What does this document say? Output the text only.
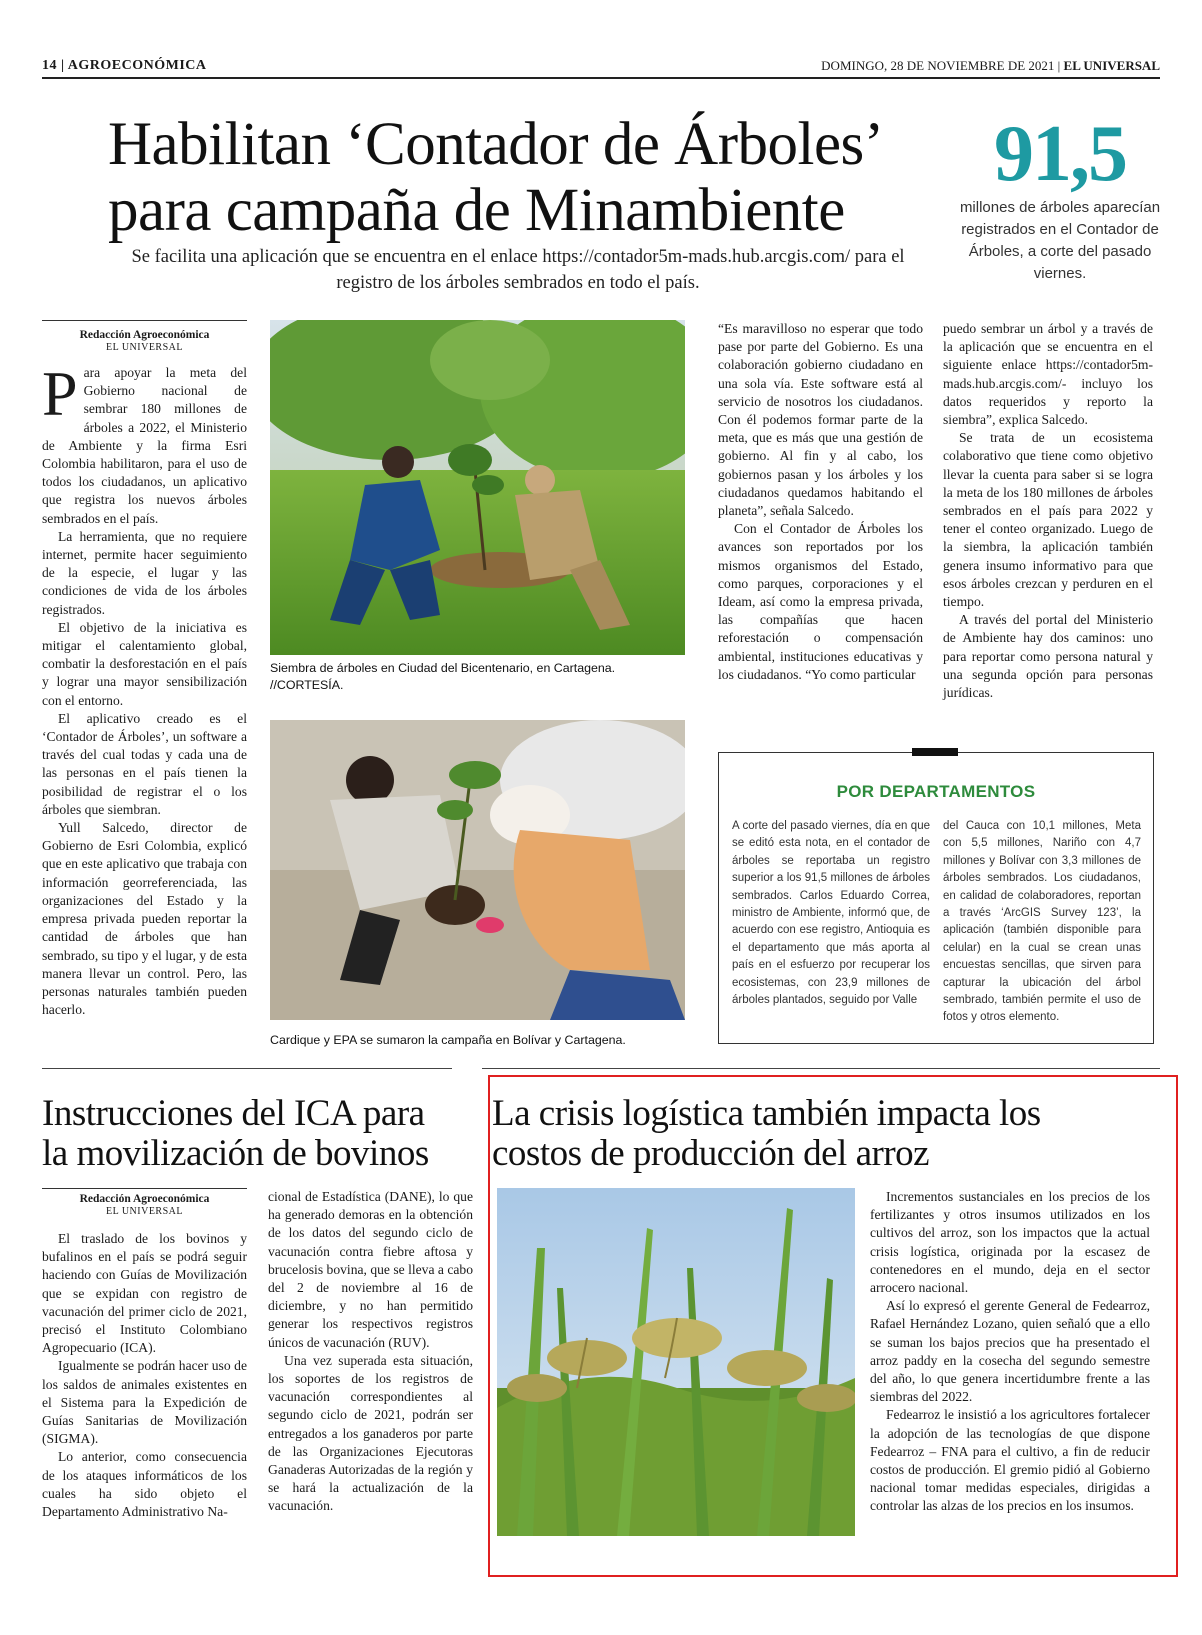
14 | AGROECONÓMICA	DOMINGO, 28 DE NOVIEMBRE DE 2021 | EL UNIVERSAL
Habilitan ‘Contador de Árboles’ para campaña de Minambiente
Se facilita una aplicación que se encuentra en el enlace https://contador5m-mads.hub.arcgis.com/ para el registro de los árboles sembrados en todo el país.
91,5
millones de árboles aparecían registrados en el Contador de Árboles, a corte del pasado viernes.
Redacción Agroeconómica
EL UNIVERSAL

Para apoyar la meta del Gobierno nacional de sembrar 180 millones de árboles a 2022, el Ministerio de Ambiente y la firma Esri Colombia habilitaron, para el uso de todos los ciudadanos, un aplicativo que registra los nuevos árboles sembrados en el país.

La herramienta, que no requiere internet, permite hacer seguimiento de la especie, el lugar y las condiciones de vida de los árboles registrados.

El objetivo de la iniciativa es mitigar el calentamiento global, combatir la desforestación en el país y lograr una mayor sensibilización con el entorno.

El aplicativo creado es el ‘Contador de Árboles’, un software a través del cual todas y cada una de las personas en el país tienen la posibilidad de registrar el o los árboles que siembran.

Yull Salcedo, director de Gobierno de Esri Colombia, explicó que en este aplicativo que trabaja con información georreferenciada, las organizaciones del Estado y la empresa privada pueden reportar la cantidad de árboles que han sembrado, su tipo y el lugar, y de esta manera llevar un control. Pero, las personas naturales también pueden hacerlo.

Siembra de árboles en Ciudad del Bicentenario, en Cartagena. //CORTESÍA.
Cardique y EPA se sumaron la campaña en Bolívar y Cartagena.

“Es maravilloso no esperar que todo pase por parte del Gobierno. Es una colaboración gobierno ciudadano en una sola vía. Este software está al servicio de nosotros los ciudadanos. Con él podemos formar parte de la meta, que es más que una gestión de gobierno. Al fin y al cabo, los gobiernos pasan y los árboles y los ciudadanos quedamos habitando el planeta”, señala Salcedo.

Con el Contador de Árboles los avances son reportados por los mismos organismos del Estado, como parques, corporaciones y el Ideam, así como la empresa privada, las compañías que hacen reforestación o compensación ambiental, instituciones educativas y los ciudadanos. “Yo como particular

puedo sembrar un árbol y a través de la aplicación que se encuentra en el siguiente enlace https://contador5m-mads.hub.arcgis.com/- incluyo los datos requeridos y reporto la siembra”, explica Salcedo.

Se trata de un ecosistema colaborativo que tiene como objetivo llevar la cuenta para saber si se logra la meta de los 180 millones de árboles sembrados en el país para 2022 y tener el conteo organizado. Luego de la siembra, la aplicación también genera insumo informativo para que esos árboles crezcan y perduren en el tiempo.

A través del portal del Ministerio de Ambiente hay dos caminos: uno para reportar como persona natural y una segunda opción para personas jurídicas.

POR DEPARTAMENTOS
A corte del pasado viernes, día en que se editó esta nota, en el contador de árboles se reportaba un registro superior a los 91,5 millones de árboles sembrados. Carlos Eduardo Correa, ministro de Ambiente, informó que, de acuerdo con ese registro, Antioquia es el departamento que más aporta al país en el esfuerzo por recuperar los ecosistemas, con 23,9 millones de árboles plantados, seguido por Valle
del Cauca con 10,1 millones, Meta con 5,5 millones, Nariño con 4,7 millones y Bolívar con 3,3 millones de árboles sembrados. Los ciudadanos, en calidad de colaboradores, reportan a través ‘ArcGIS Survey 123’, la aplicación (también disponible para celular) en la cual se crean unas encuestas sencillas, que sirven para capturar la ubicación del árbol sembrado, también permite el uso de fotos y otros elemento.
Instrucciones del ICA para la movilización de bovinos
Redacción Agroeconómica
EL UNIVERSAL

El traslado de los bovinos y bufalinos en el país se podrá seguir haciendo con Guías de Movilización que se expidan con registro de vacunación del primer ciclo de 2021, precisó el Instituto Colombiano Agropecuario (ICA).

Igualmente se podrán hacer uso de los saldos de animales existentes en el Sistema para la Expedición de Guías Sanitarias de Movilización (SIGMA).

Lo anterior, como consecuencia de los ataques informáticos de los cuales ha sido objeto el Departamento Administrativo Na-

cional de Estadística (DANE), lo que ha generado demoras en la obtención de los datos del segundo ciclo de vacunación contra fiebre aftosa y brucelosis bovina, que se lleva a cabo del 2 de noviembre al 16 de diciembre, y no han permitido generar los respectivos registros únicos de vacunación (RUV).

Una vez superada esta situación, los soportes de los registros de vacunación correspondientes al segundo ciclo de 2021, podrán ser entregados a los ganaderos por parte de las Organizaciones Ejecutoras Ganaderas Autorizadas de la región y se hará la actualización de la vacunación.

La crisis logística también impacta los costos de producción del arroz

Incrementos sustanciales en los precios de los fertilizantes y otros insumos utilizados en los cultivos del arroz, son los impactos que la actual crisis logística, originada por la escasez de contenedores en el mundo, deja en el sector arrocero nacional.

Así lo expresó el gerente General de Fedearroz, Rafael Hernández Lozano, quien señaló que a ello se suman los bajos precios que ha presentado el arroz paddy en la cosecha del segundo semestre del año, lo que genera incertidumbre frente a las siembras del 2022.

Fedearroz le insistió a los agricultores fortalecer la adopción de las tecnologías de que dispone Fedearroz – FNA para el cultivo, a fin de reducir costos de producción. El gremio pidió al Gobierno nacional tomar medidas especiales, dirigidas a controlar las alzas de los precios en los insumos.
